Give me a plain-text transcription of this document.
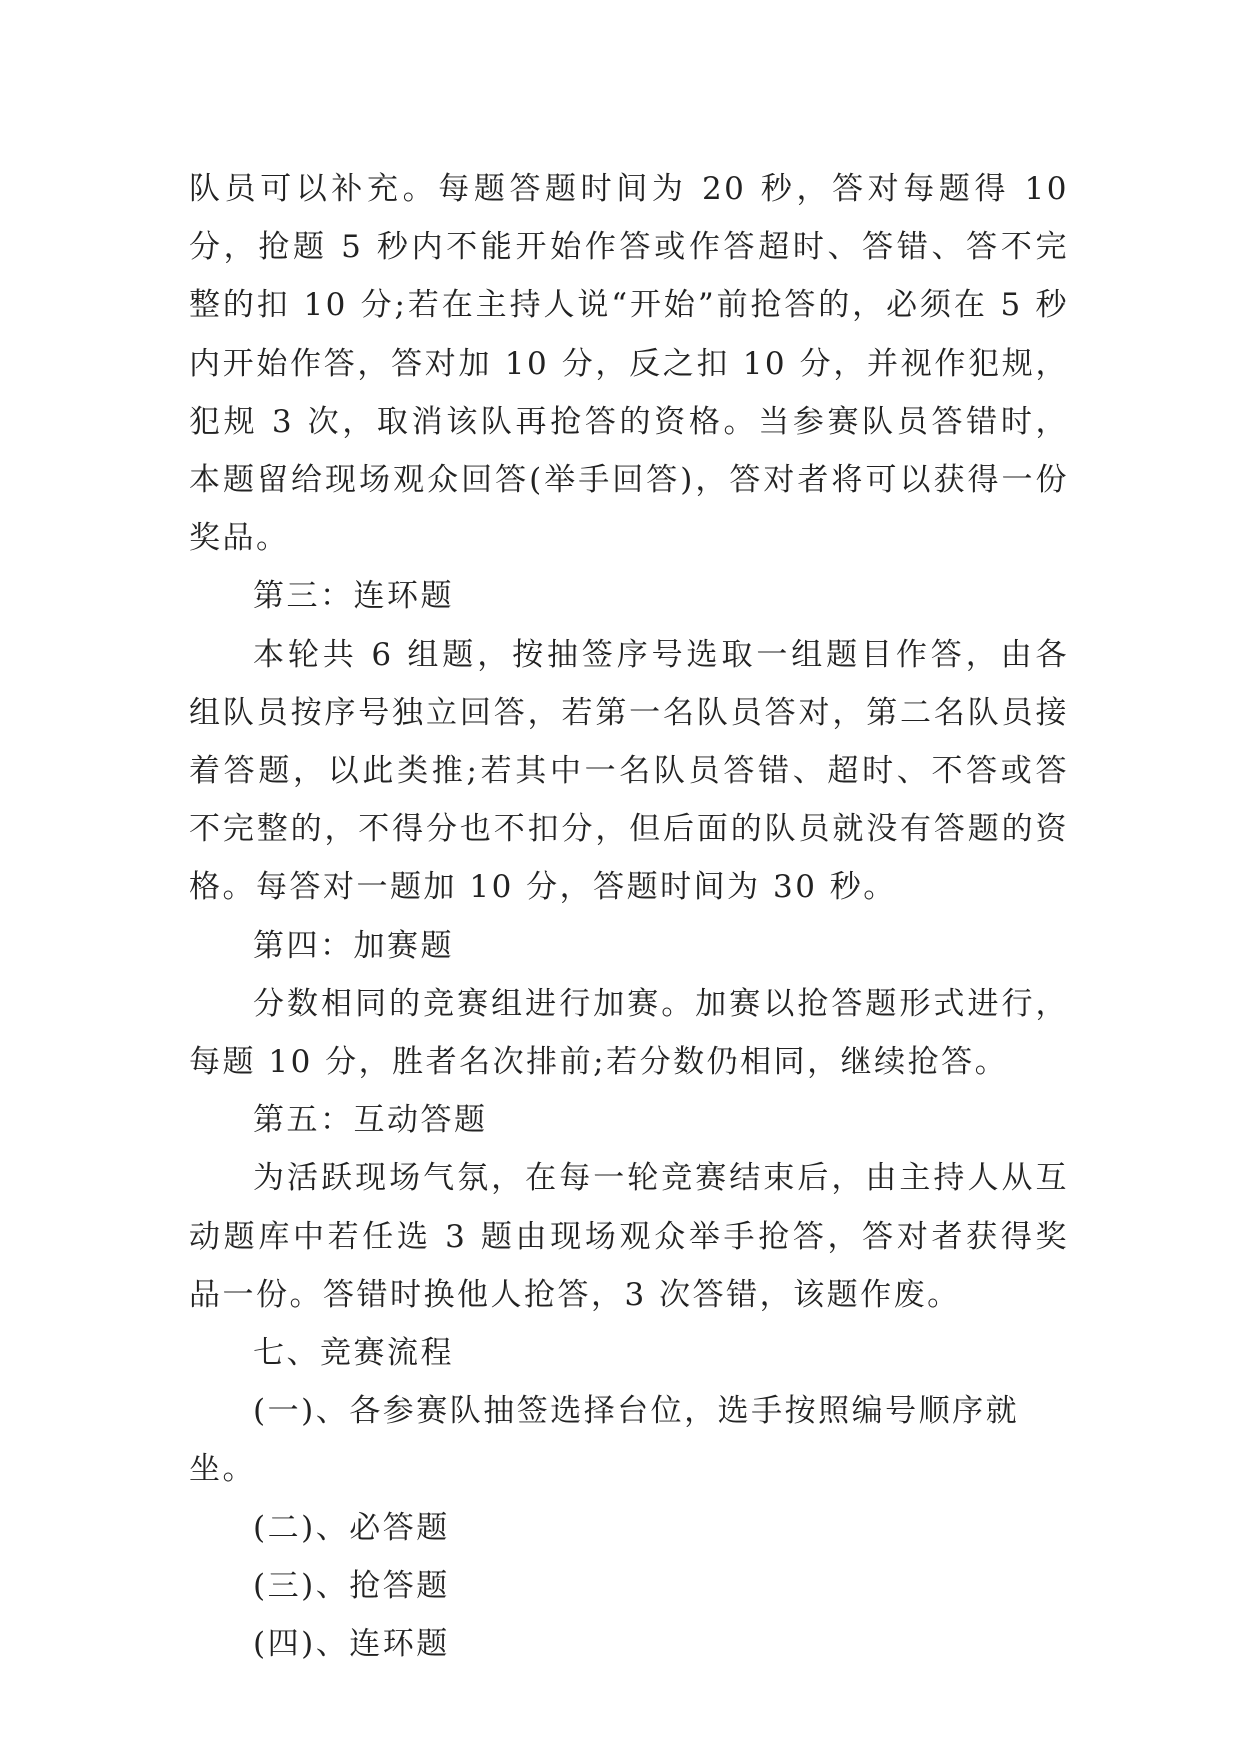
队员可以补充。每题答题时间为 20 秒，答对每题得 10 分，抢题 5 秒内不能开始作答或作答超时、答错、答不完整的扣 10 分;若在主持人说“开始”前抢答的，必须在 5 秒内开始作答，答对加 10 分，反之扣 10 分，并视作犯规，犯规 3 次，取消该队再抢答的资格。当参赛队员答错时，本题留给现场观众回答(举手回答)，答对者将可以获得一份奖品。

第三：连环题

本轮共 6 组题，按抽签序号选取一组题目作答，由各组队员按序号独立回答，若第一名队员答对，第二名队员接着答题，以此类推;若其中一名队员答错、超时、不答或答不完整的，不得分也不扣分，但后面的队员就没有答题的资格。每答对一题加 10 分，答题时间为 30 秒。

第四：加赛题

分数相同的竞赛组进行加赛。加赛以抢答题形式进行，每题 10 分，胜者名次排前;若分数仍相同，继续抢答。

第五：互动答题

为活跃现场气氛，在每一轮竞赛结束后，由主持人从互动题库中若任选 3 题由现场观众举手抢答，答对者获得奖品一份。答错时换他人抢答，3 次答错，该题作废。

七、竞赛流程

(一)、各参赛队抽签选择台位，选手按照编号顺序就坐。

(二)、必答题

(三)、抢答题

(四)、连环题
